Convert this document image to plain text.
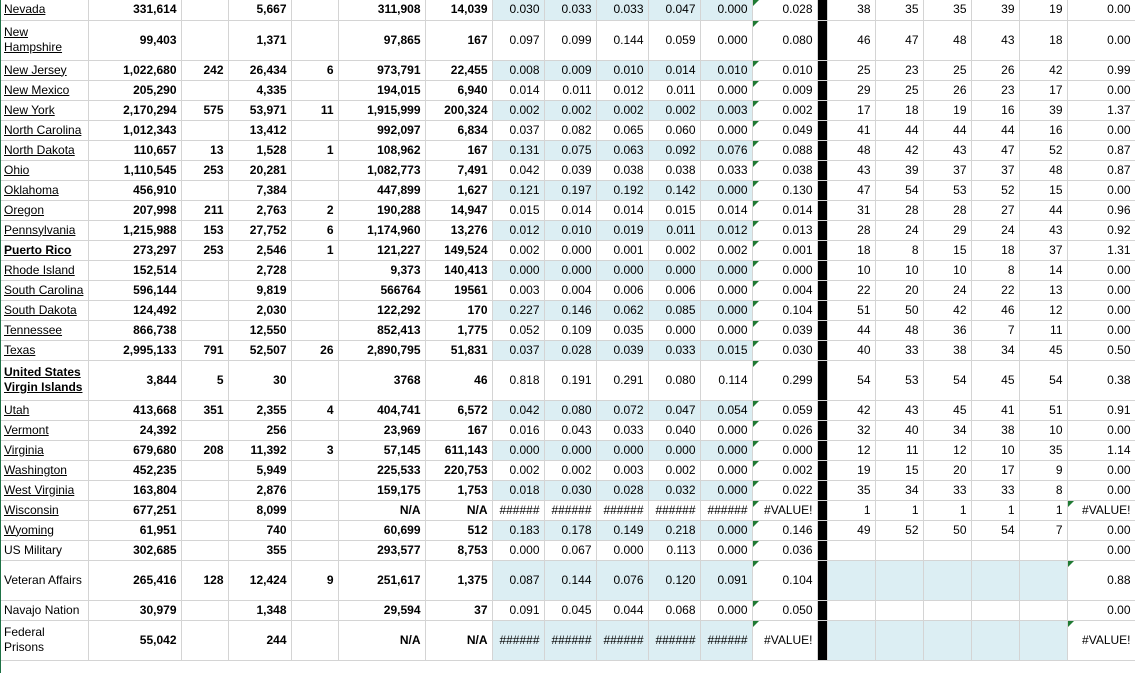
Nevada	331,614		5,667		311,908	14,039	0.030	0.033	0.033	0.047	0.000	0.028		38	35	35	39	19	0.00
New Hampshire	99,403		1,371		97,865	167	0.097	0.099	0.144	0.059	0.000	0.080		46	47	48	43	18	0.00
New Jersey	1,022,680	242	26,434	6	973,791	22,455	0.008	0.009	0.010	0.014	0.010	0.010		25	23	25	26	42	0.99
New Mexico	205,290		4,335		194,015	6,940	0.014	0.011	0.012	0.011	0.000	0.009		29	25	26	23	17	0.00
New York	2,170,294	575	53,971	11	1,915,999	200,324	0.002	0.002	0.002	0.002	0.003	0.002		17	18	19	16	39	1.37
North Carolina	1,012,343		13,412		992,097	6,834	0.037	0.082	0.065	0.060	0.000	0.049		41	44	44	44	16	0.00
North Dakota	110,657	13	1,528	1	108,962	167	0.131	0.075	0.063	0.092	0.076	0.088		48	42	43	47	52	0.87
Ohio	1,110,545	253	20,281		1,082,773	7,491	0.042	0.039	0.038	0.038	0.033	0.038		43	39	37	37	48	0.87
Oklahoma	456,910		7,384		447,899	1,627	0.121	0.197	0.192	0.142	0.000	0.130		47	54	53	52	15	0.00
Oregon	207,998	211	2,763	2	190,288	14,947	0.015	0.014	0.014	0.015	0.014	0.014		31	28	28	27	44	0.96
Pennsylvania	1,215,988	153	27,752	6	1,174,960	13,276	0.012	0.010	0.019	0.011	0.012	0.013		28	24	29	24	43	0.92
Puerto Rico	273,297	253	2,546	1	121,227	149,524	0.002	0.000	0.001	0.002	0.002	0.001		18	8	15	18	37	1.31
Rhode Island	152,514		2,728		9,373	140,413	0.000	0.000	0.000	0.000	0.000	0.000		10	10	10	8	14	0.00
South Carolina	596,144		9,819		566764	19561	0.003	0.004	0.006	0.006	0.000	0.004		22	20	24	22	13	0.00
South Dakota	124,492		2,030		122,292	170	0.227	0.146	0.062	0.085	0.000	0.104		51	50	42	46	12	0.00
Tennessee	866,738		12,550		852,413	1,775	0.052	0.109	0.035	0.000	0.000	0.039		44	48	36	7	11	0.00
Texas	2,995,133	791	52,507	26	2,890,795	51,831	0.037	0.028	0.039	0.033	0.015	0.030		40	33	38	34	45	0.50
United States Virgin Islands	3,844	5	30		3768	46	0.818	0.191	0.291	0.080	0.114	0.299		54	53	54	45	54	0.38
Utah	413,668	351	2,355	4	404,741	6,572	0.042	0.080	0.072	0.047	0.054	0.059		42	43	45	41	51	0.91
Vermont	24,392		256		23,969	167	0.016	0.043	0.033	0.040	0.000	0.026		32	40	34	38	10	0.00
Virginia	679,680	208	11,392	3	57,145	611,143	0.000	0.000	0.000	0.000	0.000	0.000		12	11	12	10	35	1.14
Washington	452,235		5,949		225,533	220,753	0.002	0.002	0.003	0.002	0.000	0.002		19	15	20	17	9	0.00
West Virginia	163,804		2,876		159,175	1,753	0.018	0.030	0.028	0.032	0.000	0.022		35	34	33	33	8	0.00
Wisconsin	677,251		8,099		N/A	N/A	######	######	######	######	######	#VALUE!		1	1	1	1	1	#VALUE!
Wyoming	61,951		740		60,699	512	0.183	0.178	0.149	0.218	0.000	0.146		49	52	50	54	7	0.00
US Military	302,685		355		293,577	8,753	0.000	0.067	0.000	0.113	0.000	0.036							0.00
Veteran Affairs	265,416	128	12,424	9	251,617	1,375	0.087	0.144	0.076	0.120	0.091	0.104							0.88
Navajo Nation	30,979		1,348		29,594	37	0.091	0.045	0.044	0.068	0.000	0.050							0.00
Federal Prisons	55,042		244		N/A	N/A	######	######	######	######	######	#VALUE!							#VALUE!
